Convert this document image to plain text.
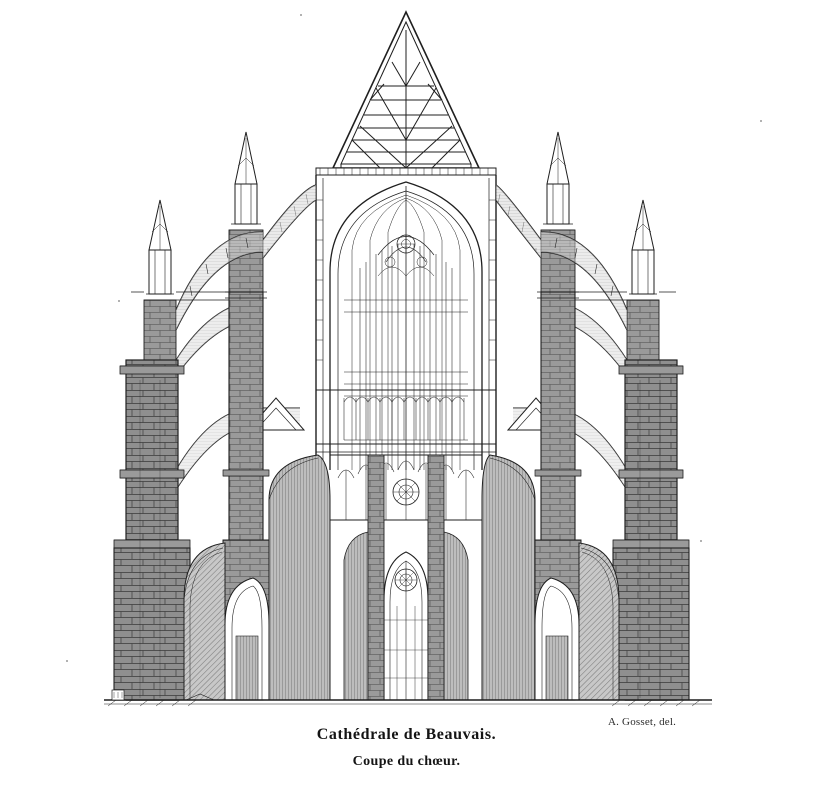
A. Gosset, del.

Cathédrale de Beauvais.

Coupe du chœur.
